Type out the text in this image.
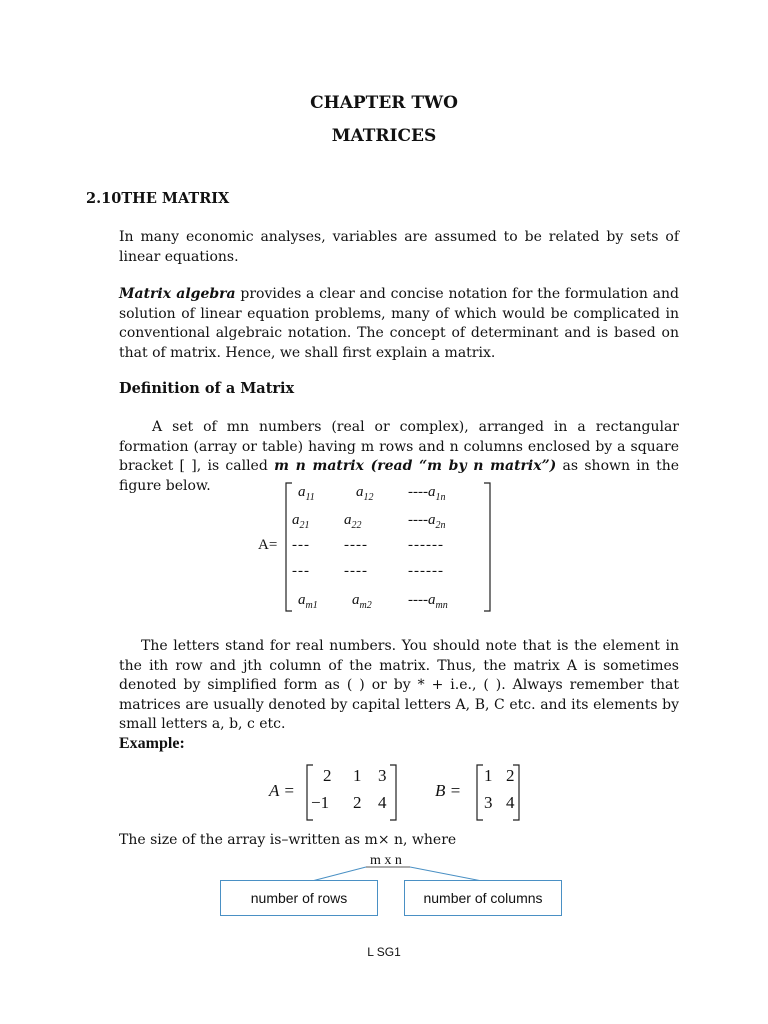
CHAPTER TWO
MATRICES
2.10THE MATRIX

In many economic analyses, variables are assumed to be related by sets of linear equations.

Matrix algebra provides a clear and concise notation for the formulation and solution of linear equation problems, many of which would be complicated in conventional algebraic notation. The concept of determinant and is based on that of matrix. Hence, we shall first explain a matrix.

Definition of a Matrix

A set of mn numbers (real or complex), arranged in a rectangular formation (array or table) having m rows and n columns enclosed by a square bracket [ ], is called m n matrix (read “m by n matrix”) as shown in the figure below.

A=
$a_{11}$	$a_{12}$ $----a_{1n}$
$a_{21}$ $a_{22}$	$----a_{2n}$
--- ----	------
--- ----	------
$a_{m1}$ $a_{m2}$ $----a_{mn}$

The letters stand for real numbers. You should note that is the element in the ith row and jth column of the matrix. Thus, the matrix A is sometimes denoted by simplified form as ( ) or by * + i.e., ( ). Always remember that matrices are usually denoted by capital letters A, B, C etc. and its elements by small letters a, b, c etc.

Example:
A =
2 1 3
−1 2 4
B =
1 2
3 4
The size of the array is–written as m× n, where
m x n
number of rows	number of columns
L SG1
